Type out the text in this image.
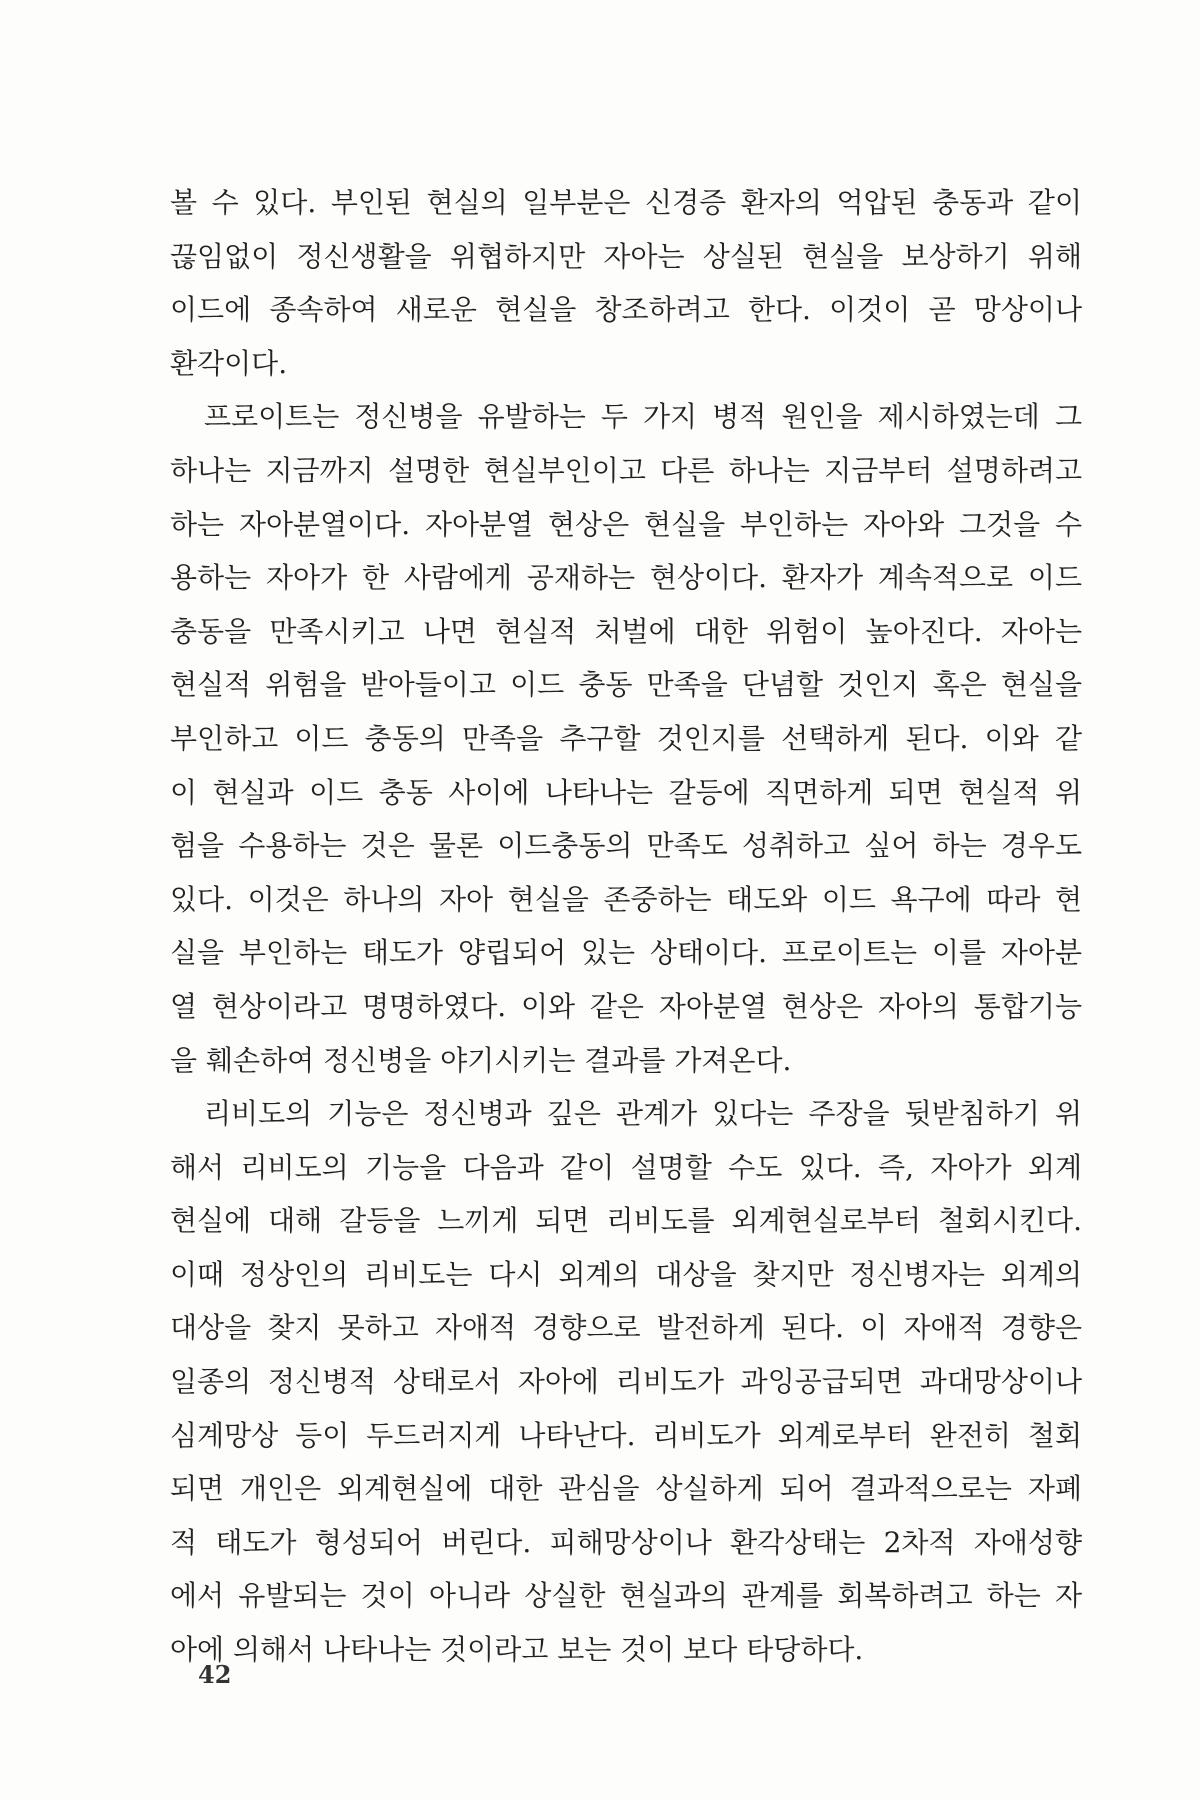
볼 수 있다. 부인된 현실의 일부분은 신경증 환자의 억압된 충동과 같이
끊임없이 정신생활을 위협하지만 자아는 상실된 현실을 보상하기 위해
이드에 종속하여 새로운 현실을 창조하려고 한다. 이것이 곧 망상이나
환각이다.
프로이트는 정신병을 유발하는 두 가지 병적 원인을 제시하였는데 그
하나는 지금까지 설명한 현실부인이고 다른 하나는 지금부터 설명하려고
하는 자아분열이다. 자아분열 현상은 현실을 부인하는 자아와 그것을 수
용하는 자아가 한 사람에게 공재하는 현상이다. 환자가 계속적으로 이드
충동을 만족시키고 나면 현실적 처벌에 대한 위험이 높아진다. 자아는
현실적 위험을 받아들이고 이드 충동 만족을 단념할 것인지 혹은 현실을
부인하고 이드 충동의 만족을 추구할 것인지를 선택하게 된다. 이와 같
이 현실과 이드 충동 사이에 나타나는 갈등에 직면하게 되면 현실적 위
험을 수용하는 것은 물론 이드충동의 만족도 성취하고 싶어 하는 경우도
있다. 이것은 하나의 자아 현실을 존중하는 태도와 이드 욕구에 따라 현
실을 부인하는 태도가 양립되어 있는 상태이다. 프로이트는 이를 자아분
열 현상이라고 명명하였다. 이와 같은 자아분열 현상은 자아의 통합기능
을 훼손하여 정신병을 야기시키는 결과를 가져온다.
리비도의 기능은 정신병과 깊은 관계가 있다는 주장을 뒷받침하기 위
해서 리비도의 기능을 다음과 같이 설명할 수도 있다. 즉, 자아가 외계
현실에 대해 갈등을 느끼게 되면 리비도를 외계현실로부터 철회시킨다.
이때 정상인의 리비도는 다시 외계의 대상을 찾지만 정신병자는 외계의
대상을 찾지 못하고 자애적 경향으로 발전하게 된다. 이 자애적 경향은
일종의 정신병적 상태로서 자아에 리비도가 과잉공급되면 과대망상이나
심계망상 등이 두드러지게 나타난다. 리비도가 외계로부터 완전히 철회
되면 개인은 외계현실에 대한 관심을 상실하게 되어 결과적으로는 자폐
적 태도가 형성되어 버린다. 피해망상이나 환각상태는 2차적 자애성향
에서 유발되는 것이 아니라 상실한 현실과의 관계를 회복하려고 하는 자
아에 의해서 나타나는 것이라고 보는 것이 보다 타당하다.
42
